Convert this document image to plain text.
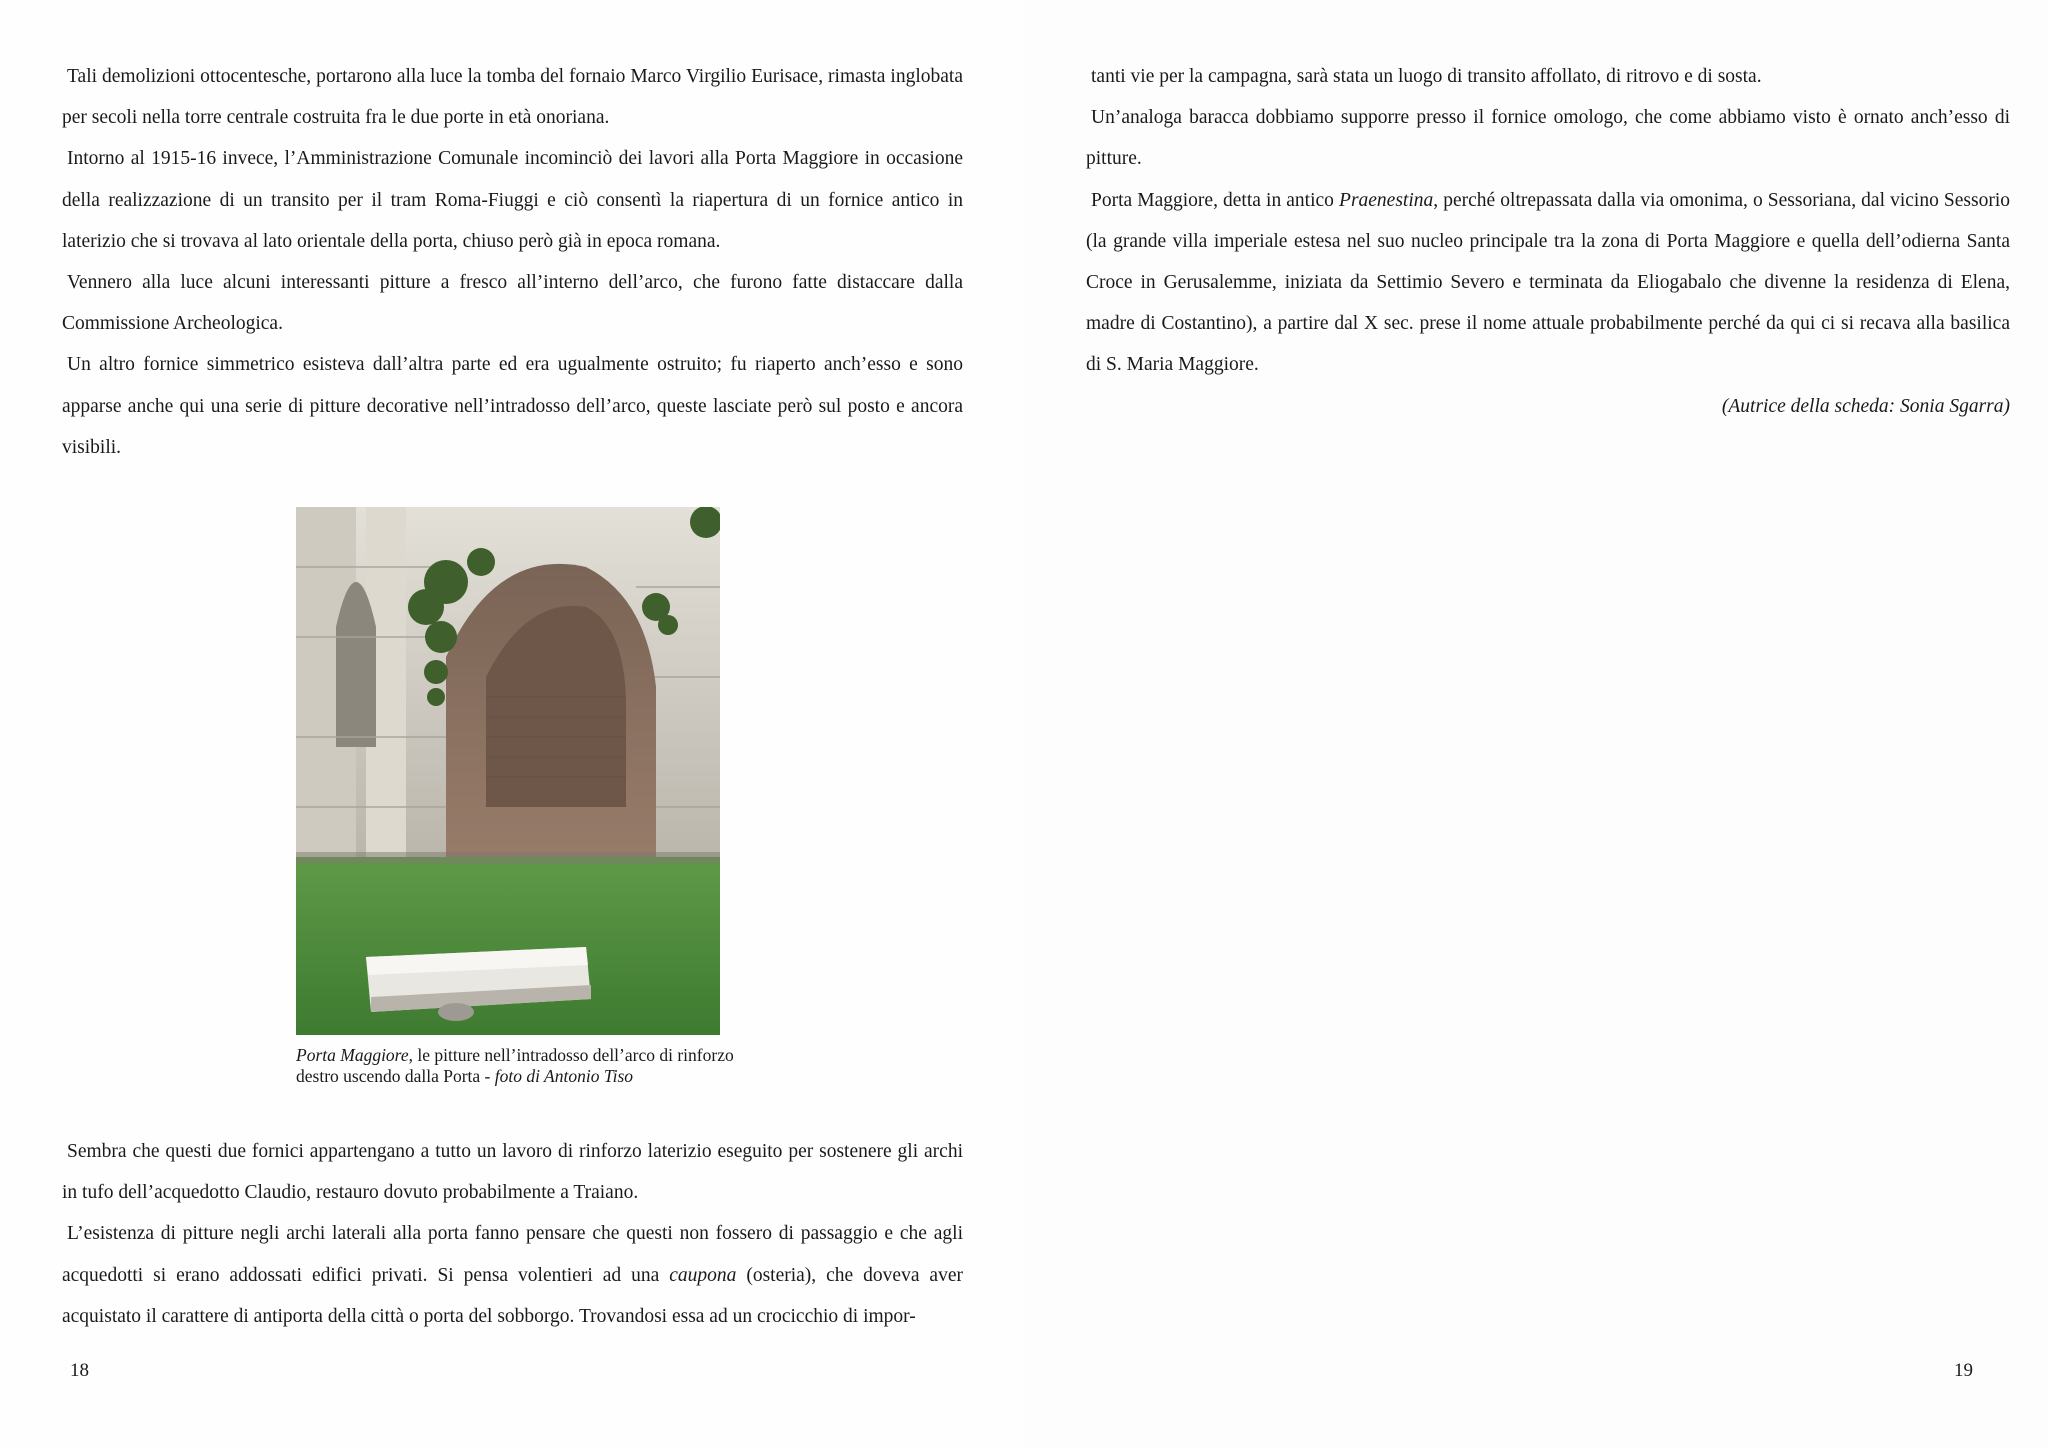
Tali demolizioni ottocentesche, portarono alla luce la tomba del fornaio Marco Virgilio Eurisace, rimasta inglobata per secoli nella torre centrale costruita fra le due porte in età onoriana.

Intorno al 1915-16 invece, l’Amministrazione Comunale incominciò dei lavori alla Porta Maggiore in occasione della realizzazione di un transito per il tram Roma-Fiuggi e ciò consentì la riapertura di un fornice antico in laterizio che si trovava al lato orientale della porta, chiuso però già in epoca romana.

Vennero alla luce alcuni interessanti pitture a fresco all’interno dell’arco, che furono fatte distaccare dalla Commissione Archeologica.

Un altro fornice simmetrico esisteva dall’altra parte ed era ugualmente ostruito; fu riaperto anch’esso e sono apparse anche qui una serie di pitture decorative nell’intradosso dell’arco, queste lasciate però sul posto e ancora visibili.

Porta Maggiore, le pitture nell’intradosso dell’arco di rinforzo destro uscendo dalla Porta - foto di Antonio Tiso

Sembra che questi due fornici appartengano a tutto un lavoro di rinforzo laterizio eseguito per sostenere gli archi in tufo dell’acquedotto Claudio, restauro dovuto probabilmente a Traiano.

L’esistenza di pitture negli archi laterali alla porta fanno pensare che questi non fossero di passaggio e che agli acquedotti si erano addossati edifici privati. Si pensa volentieri ad una caupona (osteria), che doveva aver acquistato il carattere di antiporta della città o porta del sobborgo. Trovandosi essa ad un crocicchio di impor-

18

tanti vie per la campagna, sarà stata un luogo di transito affollato, di ritrovo e di sosta.

Un’analoga baracca dobbiamo supporre presso il fornice omologo, che come abbiamo visto è ornato anch’esso di pitture.

Porta Maggiore, detta in antico Praenestina, perché oltrepassata dalla via omonima, o Sessoriana, dal vicino Sessorio (la grande villa imperiale estesa nel suo nucleo principale tra la zona di Porta Maggiore e quella dell’odierna Santa Croce in Gerusalemme, iniziata da Settimio Severo e terminata da Eliogabalo che divenne la residenza di Elena, madre di Costantino), a partire dal X sec. prese il nome attuale probabilmente perché da qui ci si recava alla basilica di S. Maria Maggiore.

(Autrice della scheda: Sonia Sgarra)

19
